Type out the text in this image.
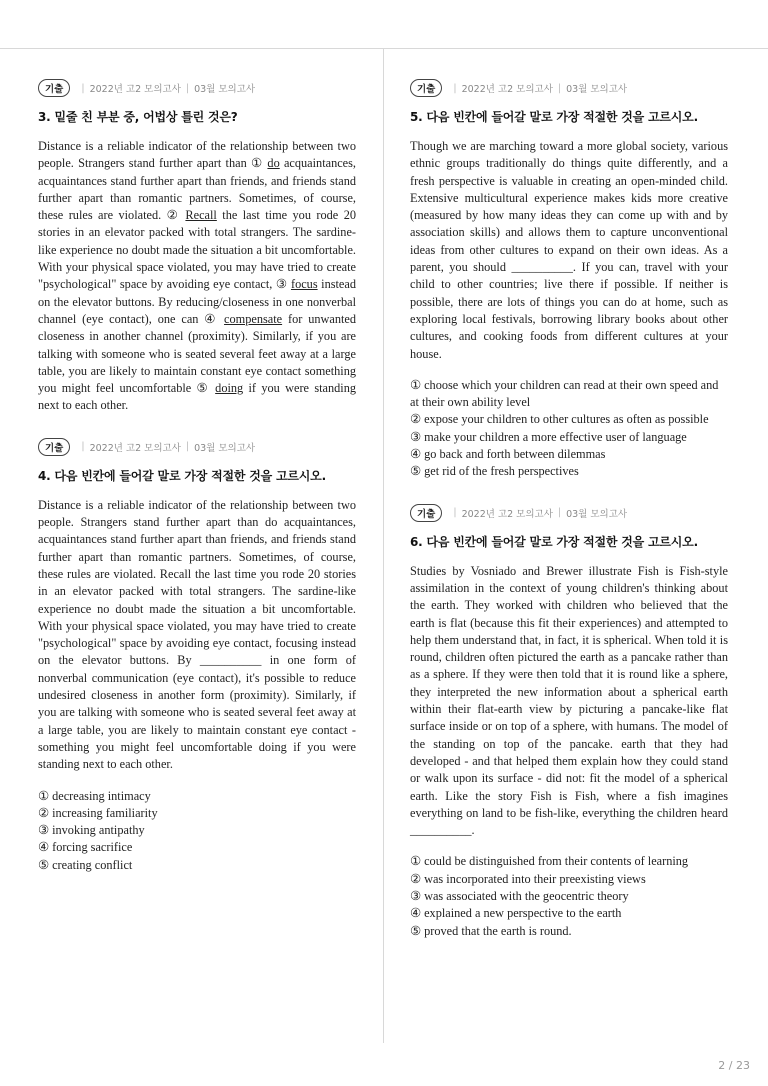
기출	| 2022년 고2 모의고사 | 03월 모의고사
3. 밑줄 친 부분 중, 어법상 틀린 것은?

Distance is a reliable indicator of the relationship between two people. Strangers stand further apart than ① do acquaintances, acquaintances stand further apart than friends, and friends stand further apart than romantic partners. Sometimes, of course, these rules are violated. ② Recall the last time you rode 20 stories in an elevator packed with total strangers. The sardine-like experience no doubt made the situation a bit uncomfortable. With your physical space violated, you may have tried to create "psychological" space by avoiding eye contact, ③ focus instead on the elevator buttons. By reducing/closeness in one nonverbal channel (eye contact), one can ④ compensate for unwanted closeness in another channel (proximity). Similarly, if you are talking with someone who is seated several feet away at a large table, you are likely to maintain constant eye contact something you might feel uncomfortable ⑤ doing if you were standing next to each other.

기출	| 2022년 고2 모의고사 | 03월 모의고사
4. 다음 빈칸에 들어갈 말로 가장 적절한 것을 고르시오.

Distance is a reliable indicator of the relationship between two people. Strangers stand further apart than do acquaintances, acquaintances stand further apart than friends, and friends stand further apart than romantic partners. Sometimes, of course, these rules are violated. Recall the last time you rode 20 stories in an elevator packed with total strangers. The sardine-like experience no doubt made the situation a bit uncomfortable. With your physical space violated, you may have tried to create "psychological" space by avoiding eye contact, focusing instead on the elevator buttons. By __________ in one form of nonverbal communication (eye contact), it's possible to reduce undesired closeness in another form (proximity). Similarly, if you are talking with someone who is seated several feet away at a large table, you are likely to maintain constant eye contact - something you might feel uncomfortable doing if you were standing next to each other.

① decreasing intimacy
② increasing familiarity
③ invoking antipathy
④ forcing sacrifice
⑤ creating conflict
기출	| 2022년 고2 모의고사 | 03월 모의고사
5. 다음 빈칸에 들어갈 말로 가장 적절한 것을 고르시오.

Though we are marching toward a more global society, various ethnic groups traditionally do things quite differently, and a fresh perspective is valuable in creating an open-minded child. Extensive multicultural experience makes kids more creative (measured by how many ideas they can come up with and by association skills) and allows them to capture unconventional ideas from other cultures to expand on their own ideas. As a parent, you should __________. If you can, travel with your child to other countries; live there if possible. If neither is possible, there are lots of things you can do at home, such as exploring local festivals, borrowing library books about other cultures, and cooking foods from different cultures at your house.

① choose which your children can read at their own speed and at their own ability level
② expose your children to other cultures as often as possible
③ make your children a more effective user of language
④ go back and forth between dilemmas
⑤ get rid of the fresh perspectives
기출	| 2022년 고2 모의고사 | 03월 모의고사
6. 다음 빈칸에 들어갈 말로 가장 적절한 것을 고르시오.

Studies by Vosniado and Brewer illustrate Fish is Fish-style assimilation in the context of young children's thinking about the earth. They worked with children who believed that the earth is flat (because this fit their experiences) and attempted to help them understand that, in fact, it is spherical. When told it is round, children often pictured the earth as a pancake rather than as a sphere. If they were then told that it is round like a sphere, they interpreted the new information about a spherical earth within their flat-earth view by picturing a pancake-like flat surface inside or on top of a sphere, with humans. The model of the standing on top of the pancake. earth that they had developed - and that helped them explain how they could stand or walk upon its surface - did not: fit the model of a spherical earth. Like the story Fish is Fish, where a fish imagines everything on land to be fish-like, everything the children heard __________.

① could be distinguished from their contents of learning
② was incorporated into their preexisting views
③ was associated with the geocentric theory
④ explained a new perspective to the earth
⑤ proved that the earth is round.
2 / 23
